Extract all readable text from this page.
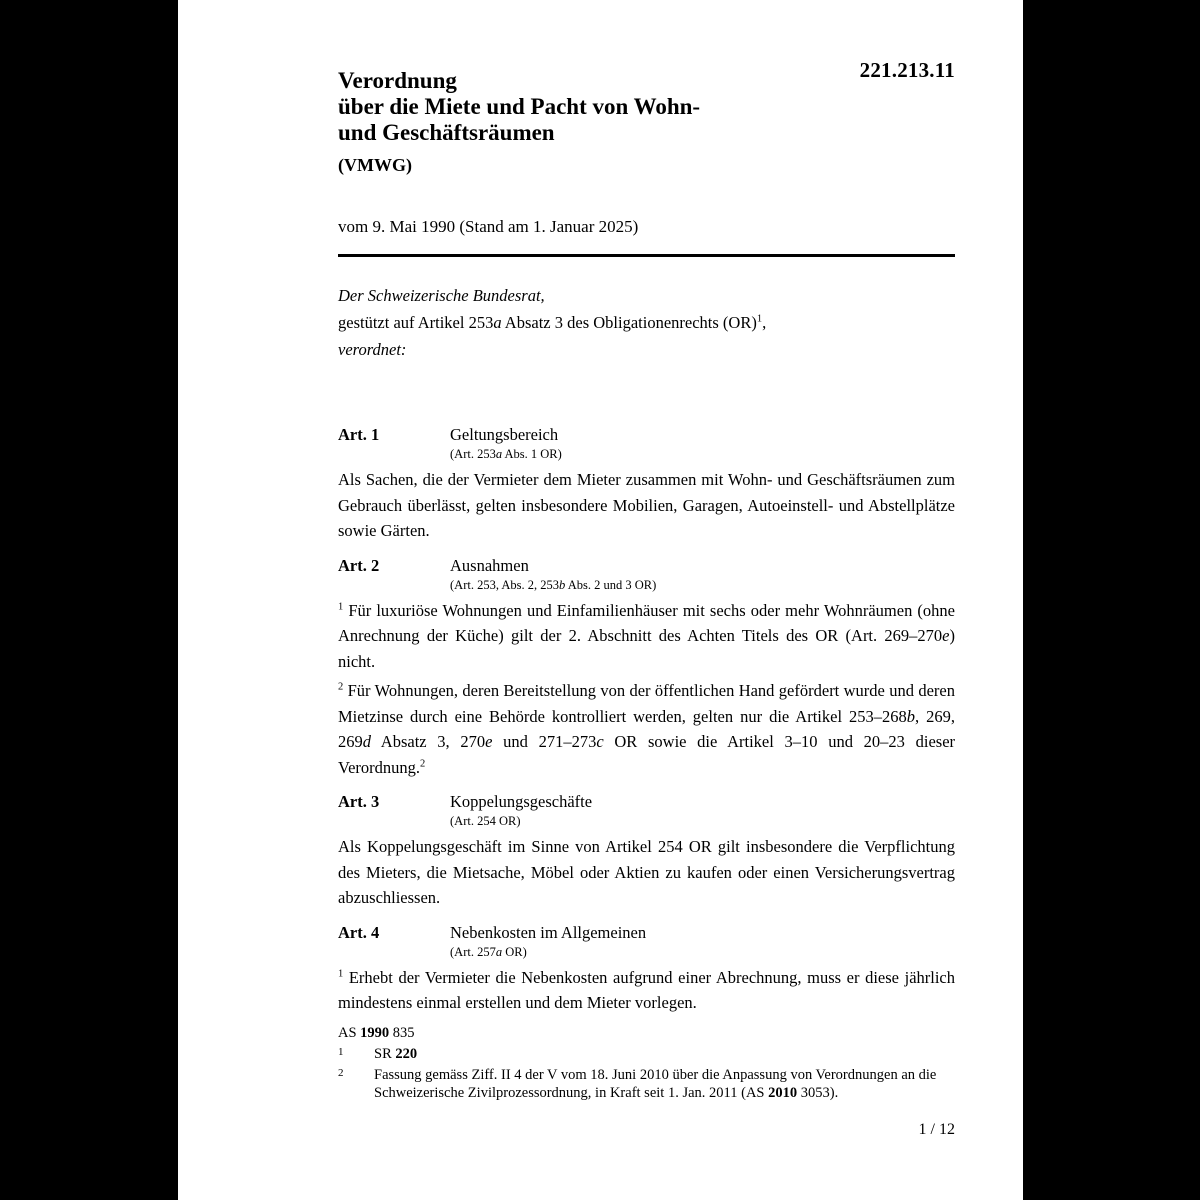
221.213.11
Verordnung
über die Miete und Pacht von Wohn-
und Geschäftsräumen
(VMWG)
vom 9. Mai 1990 (Stand am 1. Januar 2025)

Der Schweizerische Bundesrat,

gestützt auf Artikel 253a Absatz 3 des Obligationenrechts (OR)$^1$,

verordnet:

Art. 1	Geltungsbereich
(Art. 253a Abs. 1 OR)

Als Sachen, die der Vermieter dem Mieter zusammen mit Wohn- und Geschäftsräumen zum Gebrauch überlässt, gelten insbesondere Mobilien, Garagen, Autoeinstell- und Abstellplätze sowie Gärten.

Art. 2	Ausnahmen
(Art. 253, Abs. 2, 253b Abs. 2 und 3 OR)

$^1$ Für luxuriöse Wohnungen und Einfamilienhäuser mit sechs oder mehr Wohnräumen (ohne Anrechnung der Küche) gilt der 2. Abschnitt des Achten Titels des OR (Art. 269–270e) nicht.

$^2$ Für Wohnungen, deren Bereitstellung von der öffentlichen Hand gefördert wurde und deren Mietzinse durch eine Behörde kontrolliert werden, gelten nur die Artikel 253–268b, 269, 269d Absatz 3, 270e und 271–273c OR sowie die Artikel 3–10 und 20–23 dieser Verordnung.$^2$

Art. 3	Koppelungsgeschäfte
(Art. 254 OR)

Als Koppelungsgeschäft im Sinne von Artikel 254 OR gilt insbesondere die Verpflichtung des Mieters, die Mietsache, Möbel oder Aktien zu kaufen oder einen Versicherungsvertrag abzuschliessen.

Art. 4	Nebenkosten im Allgemeinen
(Art. 257a OR)

$^1$ Erhebt der Vermieter die Nebenkosten aufgrund einer Abrechnung, muss er diese jährlich mindestens einmal erstellen und dem Mieter vorlegen.

AS 1990 835
1	SR 220
2	Fassung gemäss Ziff. II 4 der V vom 18. Juni 2010 über die Anpassung von Verordnungen an die Schweizerische Zivilprozessordnung, in Kraft seit 1. Jan. 2011 (AS 2010 3053).
1 / 12
